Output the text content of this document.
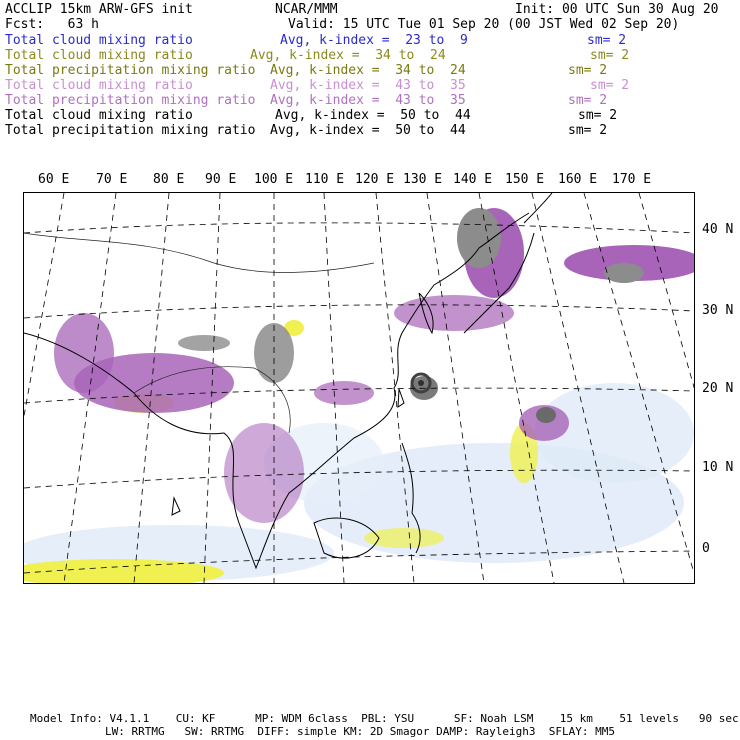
ACCLIP 15km ARW-GFS init	NCAR/MMM	Init: 00 UTC Sun 30 Aug 20
Fcst:   63 h	Valid: 15 UTC Tue 01 Sep 20 (00 JST Wed 02 Sep 20)
Total cloud mixing ratio	Avg, k-index =  23 to  9	sm= 2
Total cloud mixing ratio	Avg, k-index =  34 to  24	sm= 2
Total precipitation mixing ratio Avg, k-index =  34 to  24	sm= 2
Total cloud mixing ratio	Avg, k-index =  43 to  35	sm= 2
Total precipitation mixing ratio Avg, k-index =  43 to  35	sm= 2
Total cloud mixing ratio	Avg, k-index =  50 to  44	sm= 2
Total precipitation mixing ratio Avg, k-index =  50 to  44	sm= 2
60 E 70 E 80 E 90 E 100 E 110 E 120 E 130 E 140 E 150 E 160 E 170 E
40 N
30 N
20 N
10 N
0
Model Info: V4.1.1    CU: KF      MP: WDM 6class  PBL: YSU      SF: Noah LSM    15 km    51 levels   90 sec
LW: RRTMG   SW: RRTMG  DIFF: simple KM: 2D Smagor DAMP: Rayleigh3  SFLAY: MM5
